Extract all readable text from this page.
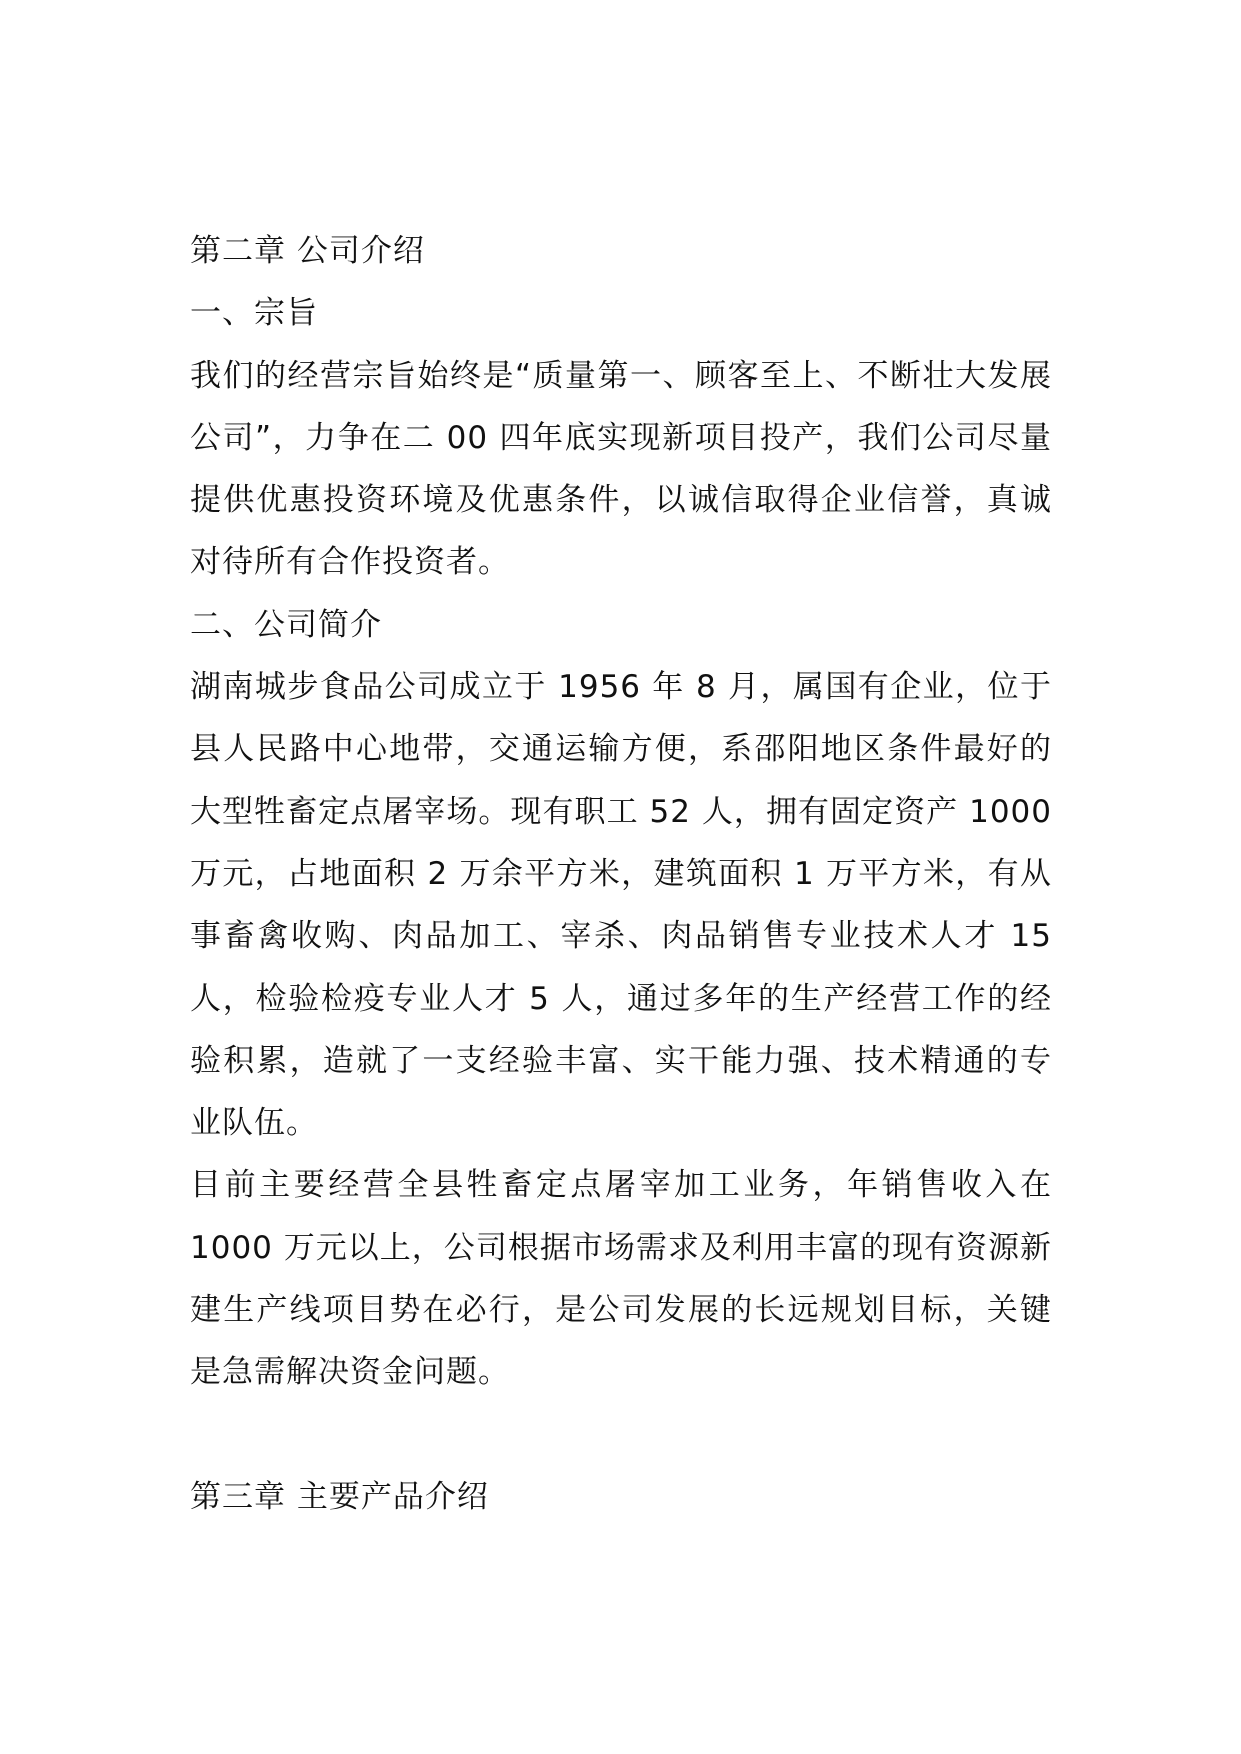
第二章 公司介绍
一、宗旨
我们的经营宗旨始终是“质量第一、顾客至上、不断壮大发展
公司”，力争在二 00 四年底实现新项目投产，我们公司尽量
提供优惠投资环境及优惠条件，以诚信取得企业信誉，真诚
对待所有合作投资者。
二、公司简介
湖南城步食品公司成立于 1956 年 8 月，属国有企业，位于
县人民路中心地带，交通运输方便，系邵阳地区条件最好的
大型牲畜定点屠宰场。现有职工 52 人，拥有固定资产 1000
万元，占地面积 2 万余平方米，建筑面积 1 万平方米，有从
事畜禽收购、肉品加工、宰杀、肉品销售专业技术人才 15
人，检验检疫专业人才 5 人，通过多年的生产经营工作的经
验积累，造就了一支经验丰富、实干能力强、技术精通的专
业队伍。
目前主要经营全县牲畜定点屠宰加工业务，年销售收入在
1000 万元以上，公司根据市场需求及利用丰富的现有资源新
建生产线项目势在必行，是公司发展的长远规划目标，关键
是急需解决资金问题。
第三章 主要产品介绍
